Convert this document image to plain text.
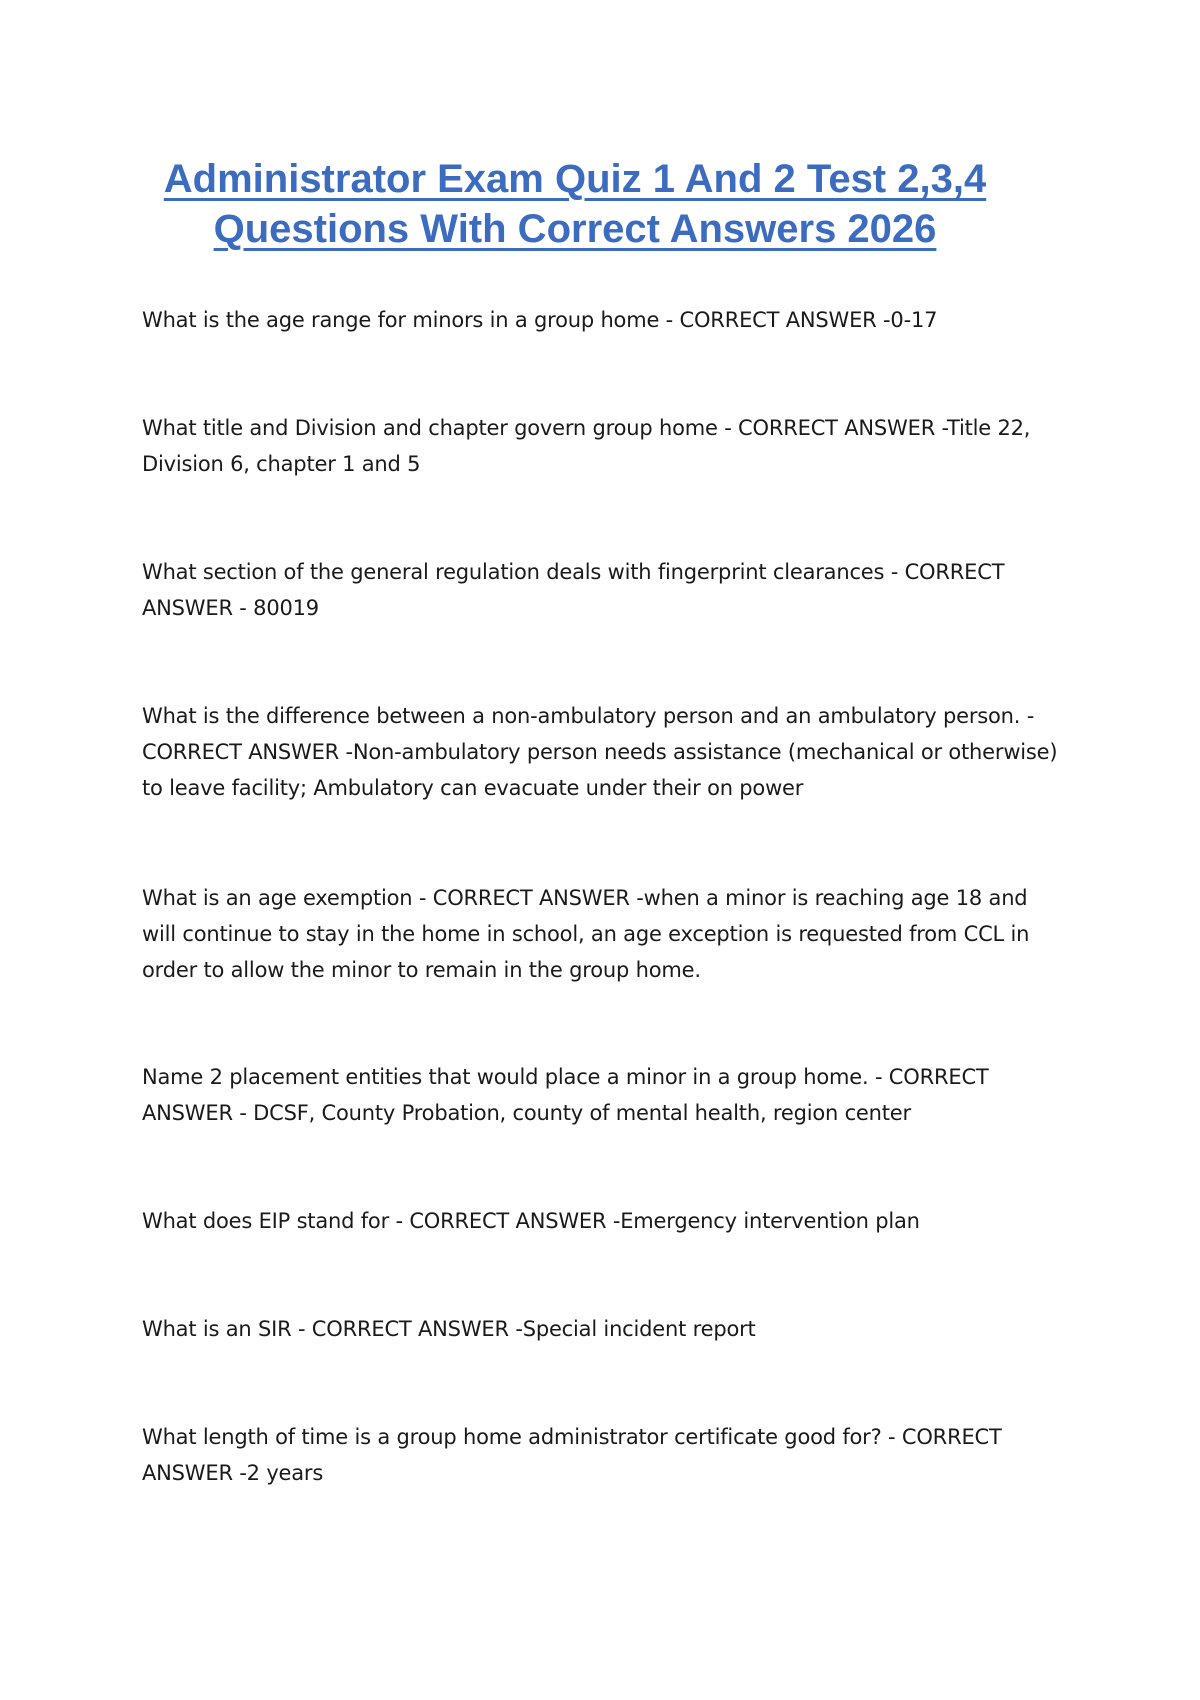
Administrator Exam Quiz 1 And 2 Test 2,3,4
Questions With Correct Answers 2026

What is the age range for minors in a group home - CORRECT ANSWER -0-17

What title and Division and chapter govern group home - CORRECT ANSWER -Title 22, Division 6, chapter 1 and 5

What section of the general regulation deals with fingerprint clearances - CORRECT ANSWER - 80019

What is the difference between a non-ambulatory person and an ambulatory person. - CORRECT ANSWER -Non-ambulatory person needs assistance (mechanical or otherwise) to leave facility; Ambulatory can evacuate under their on power

What is an age exemption - CORRECT ANSWER -when a minor is reaching age 18 and will continue to stay in the home in school, an age exception is requested from CCL in order to allow the minor to remain in the group home.

Name 2 placement entities that would place a minor in a group home. - CORRECT ANSWER - DCSF, County Probation, county of mental health, region center

What does EIP stand for - CORRECT ANSWER -Emergency intervention plan

What is an SIR - CORRECT ANSWER -Special incident report

What length of time is a group home administrator certificate good for? - CORRECT ANSWER -2 years
